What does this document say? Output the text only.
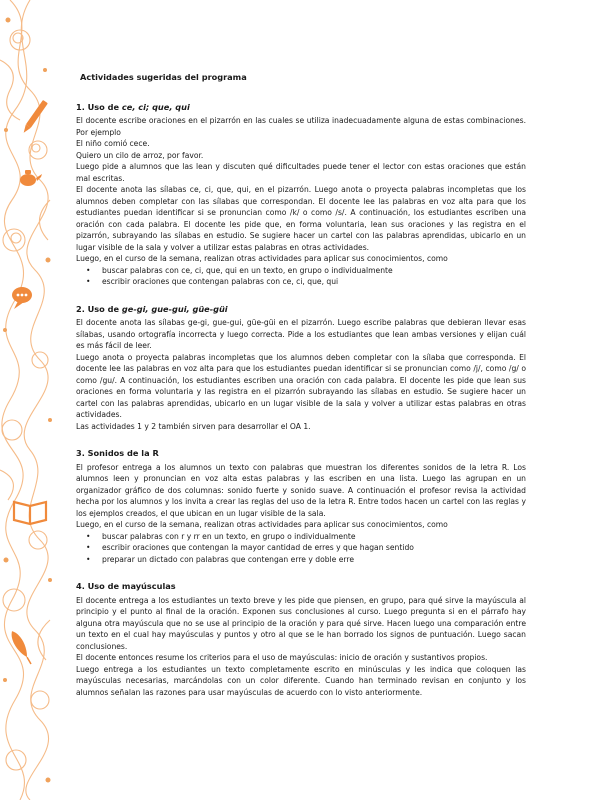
Actividades sugeridas del programa
1. Uso de ce, ci; que, qui

El docente escribe oraciones en el pizarrón en las cuales se utiliza inadecuadamente alguna de estas combinaciones. Por ejemplo

El niño comió cece.

Quiero un cilo de arroz, por favor.

Luego pide a alumnos que las lean y discuten qué dificultades puede tener el lector con estas oraciones que están mal escritas.

El docente anota las sílabas ce, ci, que, qui, en el pizarrón. Luego anota o proyecta palabras incompletas que los alumnos deben completar con las sílabas que correspondan. El docente lee las palabras en voz alta para que los estudiantes puedan identificar si se pronuncian como /k/ o como /s/. A continuación, los estudiantes escriben una oración con cada palabra. El docente les pide que, en forma voluntaria, lean sus oraciones y las registra en el pizarrón, subrayando las sílabas en estudio. Se sugiere hacer un cartel con las palabras aprendidas, ubicarlo en un lugar visible de la sala y volver a utilizar estas palabras en otras actividades.

Luego, en el curso de la semana, realizan otras actividades para aplicar sus conocimientos, como

• buscar palabras con ce, ci, que, qui en un texto, en grupo o individualmente
• escribir oraciones que contengan palabras con ce, ci, que, qui
2. Uso de ge-gi, gue-gui, güe-güi

El docente anota las sílabas ge-gi, gue-gui, güe-güi en el pizarrón. Luego escribe palabras que debieran llevar esas sílabas, usando ortografía incorrecta y luego correcta. Pide a los estudiantes que lean ambas versiones y elijan cuál es más fácil de leer.

Luego anota o proyecta palabras incompletas que los alumnos deben completar con la sílaba que corresponda. El docente lee las palabras en voz alta para que los estudiantes puedan identificar si se pronuncian como /j/, como /g/ o como /gu/. A continuación, los estudiantes escriben una oración con cada palabra. El docente les pide que lean sus oraciones en forma voluntaria y las registra en el pizarrón subrayando las sílabas en estudio. Se sugiere hacer un cartel con las palabras aprendidas, ubicarlo en un lugar visible de la sala y volver a utilizar estas palabras en otras actividades.

Las actividades 1 y 2 también sirven para desarrollar el OA 1.

3. Sonidos de la R

El profesor entrega a los alumnos un texto con palabras que muestran los diferentes sonidos de la letra R. Los alumnos leen y pronuncian en voz alta estas palabras y las escriben en una lista. Luego las agrupan en un organizador gráfico de dos columnas: sonido fuerte y sonido suave. A continuación el profesor revisa la actividad hecha por los alumnos y los invita a crear las reglas del uso de la letra R. Entre todos hacen un cartel con las reglas y los ejemplos creados, el que ubican en un lugar visible de la sala.

Luego, en el curso de la semana, realizan otras actividades para aplicar sus conocimientos, como

• buscar palabras con r y rr en un texto, en grupo o individualmente
• escribir oraciones que contengan la mayor cantidad de erres y que hagan sentido
• preparar un dictado con palabras que contengan erre y doble erre
4. Uso de mayúsculas

El docente entrega a los estudiantes un texto breve y les pide que piensen, en grupo, para qué sirve la mayúscula al principio y el punto al final de la oración. Exponen sus conclusiones al curso. Luego pregunta si en el párrafo hay alguna otra mayúscula que no se use al principio de la oración y para qué sirve. Hacen luego una comparación entre un texto en el cual hay mayúsculas y puntos y otro al que se le han borrado los signos de puntuación. Luego sacan conclusiones.

El docente entonces resume los criterios para el uso de mayúsculas: inicio de oración y sustantivos propios.

Luego entrega a los estudiantes un texto completamente escrito en minúsculas y les indica que coloquen las mayúsculas necesarias, marcándolas con un color diferente. Cuando han terminado revisan en conjunto y los alumnos señalan las razones para usar mayúsculas de acuerdo con lo visto anteriormente.
